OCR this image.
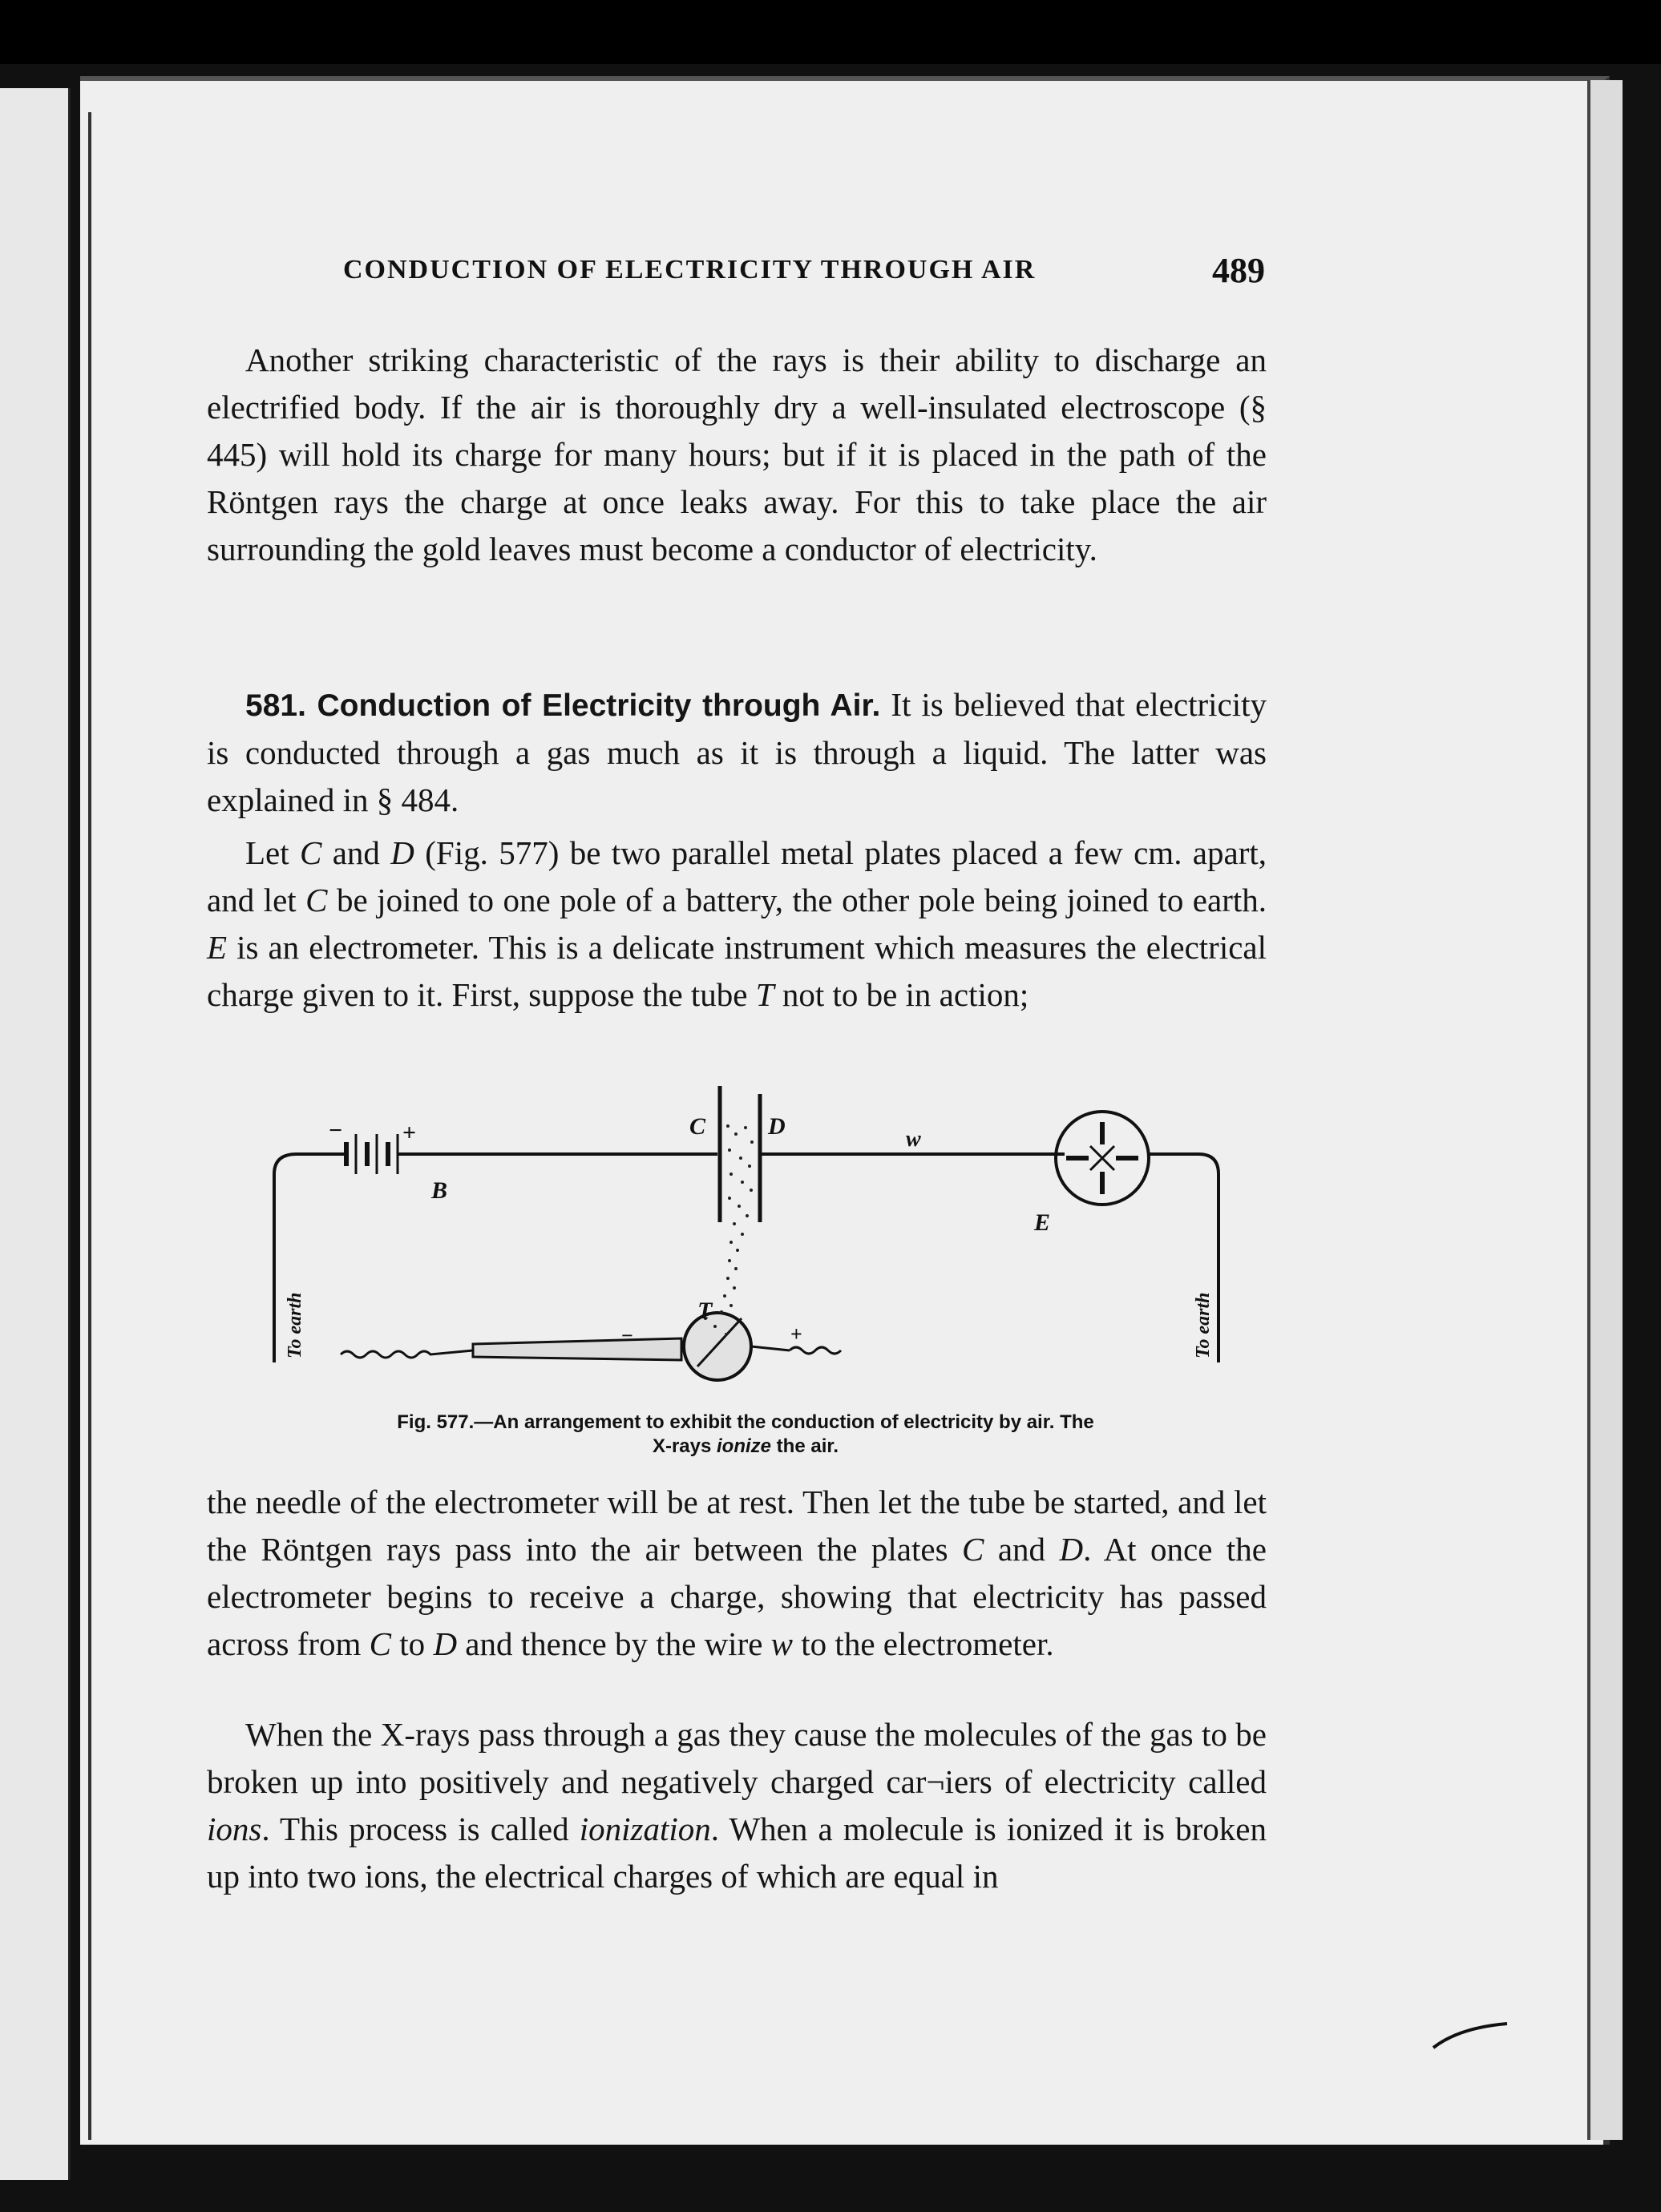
CONDUCTION OF ELECTRICITY THROUGH AIR	489

Another striking characteristic of the rays is their ability to discharge an electrified body. If the air is thoroughly dry a well-insulated electroscope (§ 445) will hold its charge for many hours; but if it is placed in the path of the Röntgen rays the charge at once leaks away. For this to take place the air surrounding the gold leaves must become a conductor of electricity.

581. Conduction of Electricity through Air. It is believed that electricity is conducted through a gas much as it is through a liquid. The latter was explained in § 484.

Let C and D (Fig. 577) be two parallel metal plates placed a few cm. apart, and let C be joined to one pole of a battery, the other pole being joined to earth. E is an electrometer. This is a delicate instrument which measures the electrical charge given to it. First, suppose the tube T not to be in action;

− +
B
C	D	w
E
T
−	+
To earth	To earth
Fig. 577.—An arrangement to exhibit the conduction of electricity by air. The
X-rays ionize the air.

the needle of the electrometer will be at rest. Then let the tube be started, and let the Röntgen rays pass into the air between the plates C and D. At once the electrometer begins to receive a charge, showing that electricity has passed across from C to D and thence by the wire w to the electrometer.

When the X-rays pass through a gas they cause the molecules of the gas to be broken up into positively and negatively charged car¬iers of electricity called ions. This process is called ionization. When a molecule is ionized it is broken up into two ions, the electrical charges of which are equal in
